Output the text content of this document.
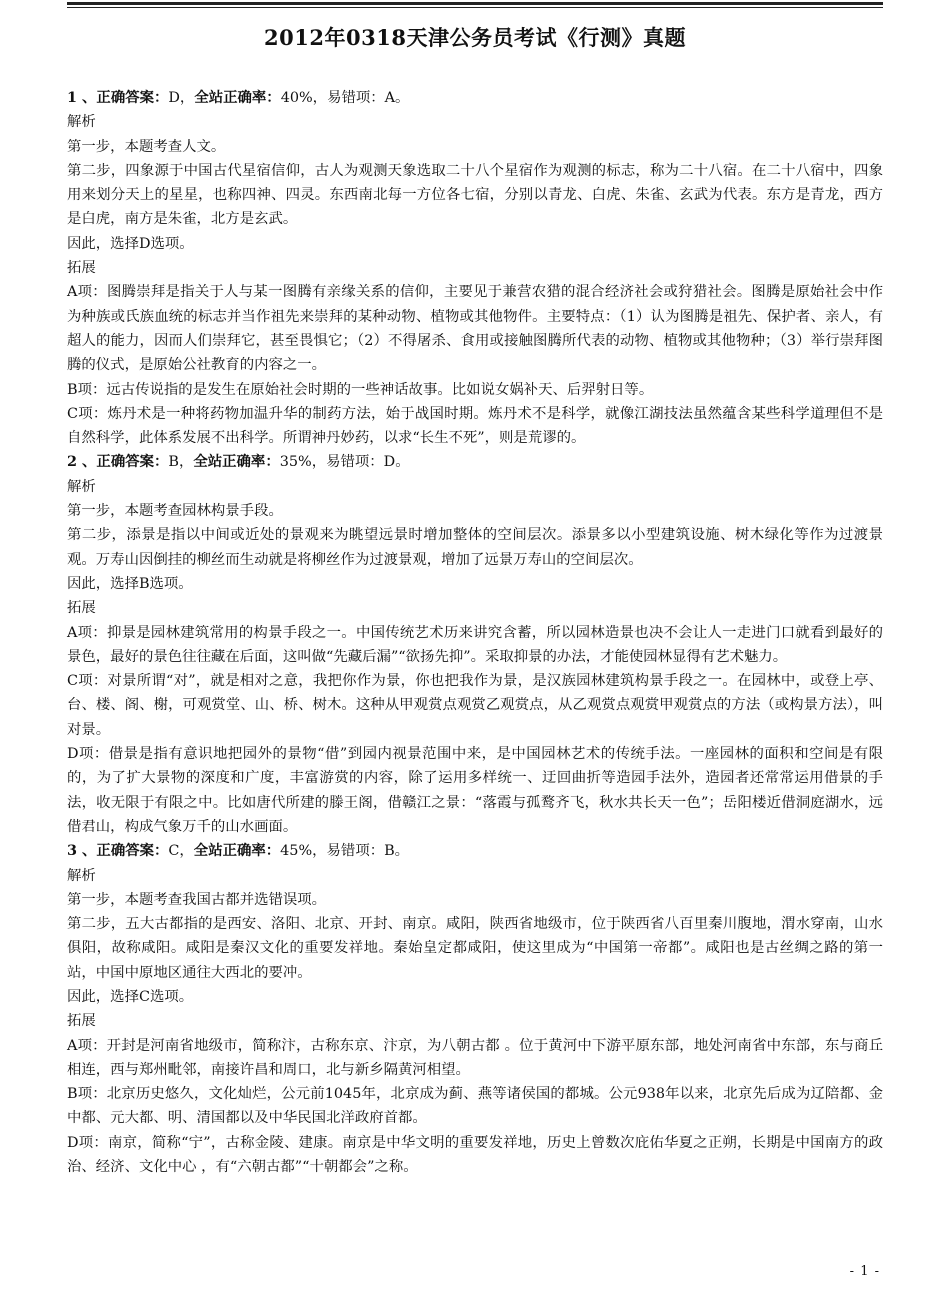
2012年0318天津公务员考试《行测》真题

1 、正确答案：D，全站正确率：40%，易错项：A。

解析

第一步，本题考查人文。

第二步，四象源于中国古代星宿信仰，古人为观测天象选取二十八个星宿作为观测的标志，称为二十八宿。在二十八宿中，四象用来划分天上的星星，也称四神、四灵。东西南北每一方位各七宿，分别以青龙、白虎、朱雀、玄武为代表。东方是青龙，西方是白虎，南方是朱雀，北方是玄武。

因此，选择D选项。

拓展

A项：图腾崇拜是指关于人与某一图腾有亲缘关系的信仰，主要见于兼营农猎的混合经济社会或狩猎社会。图腾是原始社会中作为种族或氏族血统的标志并当作祖先来崇拜的某种动物、植物或其他物件。主要特点：（1）认为图腾是祖先、保护者、亲人，有超人的能力，因而人们崇拜它，甚至畏惧它；（2）不得屠杀、食用或接触图腾所代表的动物、植物或其他物种；（3）举行崇拜图腾的仪式，是原始公社教育的内容之一。

B项：远古传说指的是发生在原始社会时期的一些神话故事。比如说女娲补天、后羿射日等。

C项：炼丹术是一种将药物加温升华的制药方法，始于战国时期。炼丹术不是科学，就像江湖技法虽然蕴含某些科学道理但不是自然科学，此体系发展不出科学。所谓神丹妙药，以求“长生不死”，则是荒谬的。

2 、正确答案：B，全站正确率：35%，易错项：D。

解析

第一步，本题考查园林构景手段。

第二步，添景是指以中间或近处的景观来为眺望远景时增加整体的空间层次。添景多以小型建筑设施、树木绿化等作为过渡景观。万寿山因倒挂的柳丝而生动就是将柳丝作为过渡景观，增加了远景万寿山的空间层次。

因此，选择B选项。

拓展

A项：抑景是园林建筑常用的构景手段之一。中国传统艺术历来讲究含蓄，所以园林造景也决不会让人一走进门口就看到最好的景色，最好的景色往往藏在后面，这叫做“先藏后漏”“欲扬先抑”。采取抑景的办法，才能使园林显得有艺术魅力。

C项：对景所谓“对”，就是相对之意，我把你作为景，你也把我作为景，是汉族园林建筑构景手段之一。在园林中，或登上亭、台、楼、阁、榭，可观赏堂、山、桥、树木。这种从甲观赏点观赏乙观赏点，从乙观赏点观赏甲观赏点的方法（或构景方法），叫对景。

D项：借景是指有意识地把园外的景物“借”到园内视景范围中来，是中国园林艺术的传统手法。一座园林的面积和空间是有限的，为了扩大景物的深度和广度，丰富游赏的内容，除了运用多样统一、迂回曲折等造园手法外，造园者还常常运用借景的手法，收无限于有限之中。比如唐代所建的滕王阁，借赣江之景：“落霞与孤鹜齐飞，秋水共长天一色”；岳阳楼近借洞庭湖水，远借君山，构成气象万千的山水画面。

3 、正确答案：C，全站正确率：45%，易错项：B。

解析

第一步，本题考查我国古都并选错误项。

第二步，五大古都指的是西安、洛阳、北京、开封、南京。咸阳，陕西省地级市，位于陕西省八百里秦川腹地，渭水穿南，山水俱阳，故称咸阳。咸阳是秦汉文化的重要发祥地。秦始皇定都咸阳，使这里成为“中国第一帝都”。咸阳也是古丝绸之路的第一站，中国中原地区通往大西北的要冲。

因此，选择C选项。

拓展

A项：开封是河南省地级市，简称汴，古称东京、汴京，为八朝古都 。位于黄河中下游平原东部，地处河南省中东部，东与商丘相连，西与郑州毗邻，南接许昌和周口，北与新乡隔黄河相望。

B项：北京历史悠久，文化灿烂，公元前1045年，北京成为蓟、燕等诸侯国的都城。公元938年以来，北京先后成为辽陪都、金中都、元大都、明、清国都以及中华民国北洋政府首都。

D项：南京，简称“宁”，古称金陵、建康。南京是中华文明的重要发祥地，历史上曾数次庇佑华夏之正朔，长期是中国南方的政治、经济、文化中心 ，有“六朝古都”“十朝都会”之称。

- 1 -
